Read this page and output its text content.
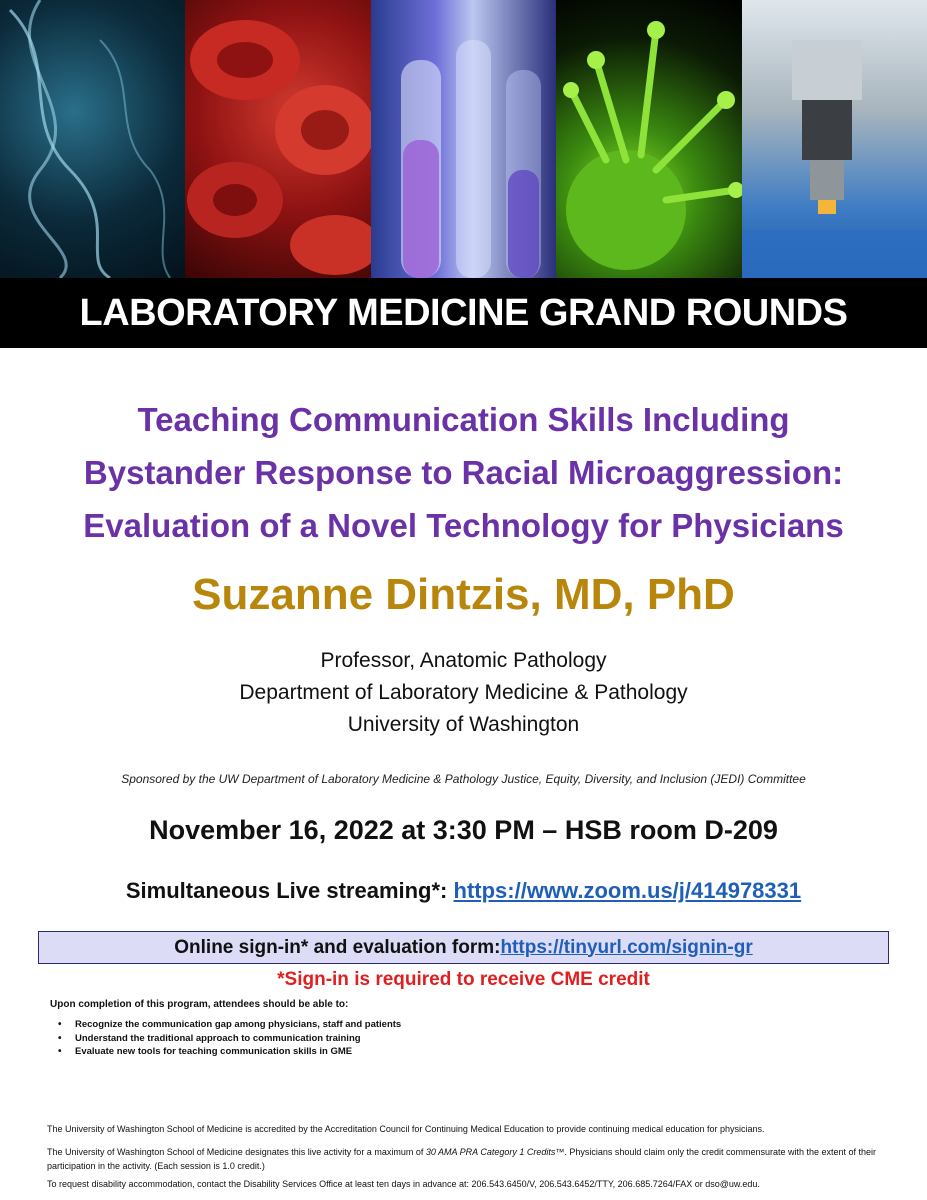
LABORATORY MEDICINE GRAND ROUNDS
Teaching Communication Skills Including
Bystander Response to Racial Microaggression:
Evaluation of a Novel Technology for Physicians
Suzanne Dintzis, MD, PhD
Professor, Anatomic Pathology
Department of Laboratory Medicine & Pathology
University of Washington
Sponsored by the UW Department of Laboratory Medicine & Pathology Justice, Equity, Diversity, and Inclusion (JEDI) Committee
November 16, 2022 at 3:30 PM – HSB room D-209
Simultaneous Live streaming*: https://www.zoom.us/j/414978331
Online sign-in* and evaluation form: https://tinyurl.com/signin-gr
*Sign-in is required to receive CME credit
Upon completion of this program, attendees should be able to:
• Recognize the communication gap among physicians, staff and patients
• Understand the traditional approach to communication training
• Evaluate new tools for teaching communication skills in GME
The University of Washington School of Medicine is accredited by the Accreditation Council for Continuing Medical Education to provide continuing medical education for physicians.
The University of Washington School of Medicine designates this live activity for a maximum of 30 AMA PRA Category 1 Credits™. Physicians should claim only the credit commensurate with the extent of their participation in the activity. (Each session is 1.0 credit.)
To request disability accommodation, contact the Disability Services Office at least ten days in advance at: 206.543.6450/V, 206.543.6452/TTY, 206.685.7264/FAX or dso@uw.edu.
